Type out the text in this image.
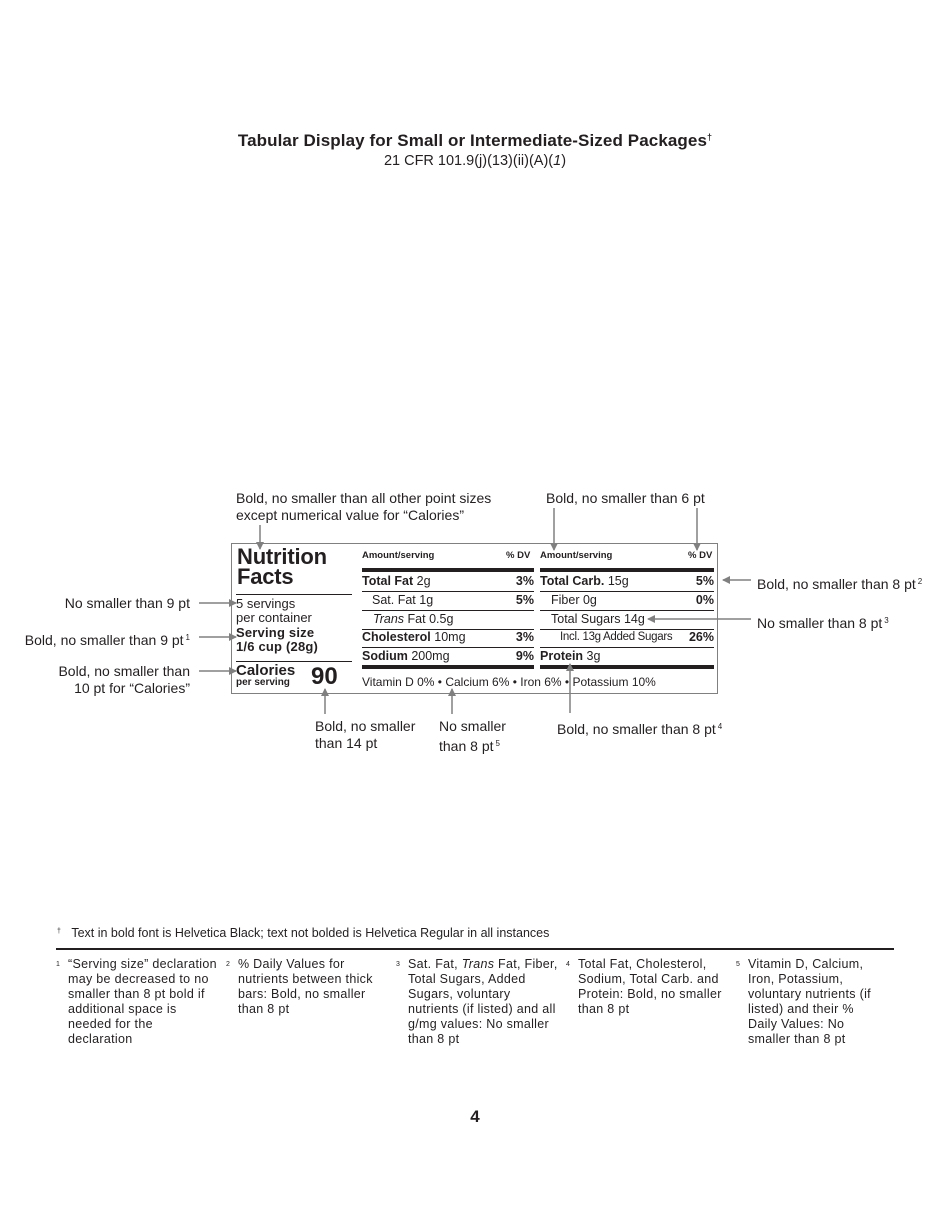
Tabular Display for Small or Intermediate-Sized Packages†
21 CFR 101.9(j)(13)(ii)(A)(1)
Bold, no smaller than all other point sizes
except numerical value for “Calories”
Bold, no smaller than 6 pt
No smaller than 9 pt
Bold, no smaller than 9 pt $^1$
Bold, no smaller than
10 pt for “Calories”
Bold, no smaller than 8 pt $^2$
No smaller than 8 pt $^3$
Bold, no smaller
than 14 pt
No smaller
than 8 pt $^5$
Bold, no smaller than 8 pt $^4$
Nutrition
Facts
5 servings
per container
Serving size
1/6 cup (28g)
Calories
per serving 90
Amount/serving	% DV Amount/serving	% DV
Total Fat 2g	3%
Sat. Fat 1g	5%
Trans Fat 0.5g
Cholesterol 10mg	3%
Sodium 200mg	9%
Total Carb. 15g	5%
Fiber 0g	0%
Total Sugars 14g
Incl. 13g Added Sugars 26%
Protein 3g
Vitamin D 0% • Calcium 6% • Iron 6% • Potassium 10%
† Text in bold font is Helvetica Black; text not bolded is Helvetica Regular in all instances
1 “Serving size” declaration may be decreased to no smaller than 8 pt bold if additional space is needed for the declaration
2 % Daily Values for nutrients between thick bars: Bold, no smaller than 8 pt
3 Sat. Fat, Trans Fat, Fiber, Total Sugars, Added Sugars, voluntary nutrients (if listed) and all g/mg values: No smaller than 8 pt
4 Total Fat, Cholesterol, Sodium, Total Carb. and Protein: Bold, no smaller than 8 pt
5 Vitamin D, Calcium, Iron, Potassium, voluntary nutrients (if listed) and their % Daily Values: No smaller than 8 pt
4
